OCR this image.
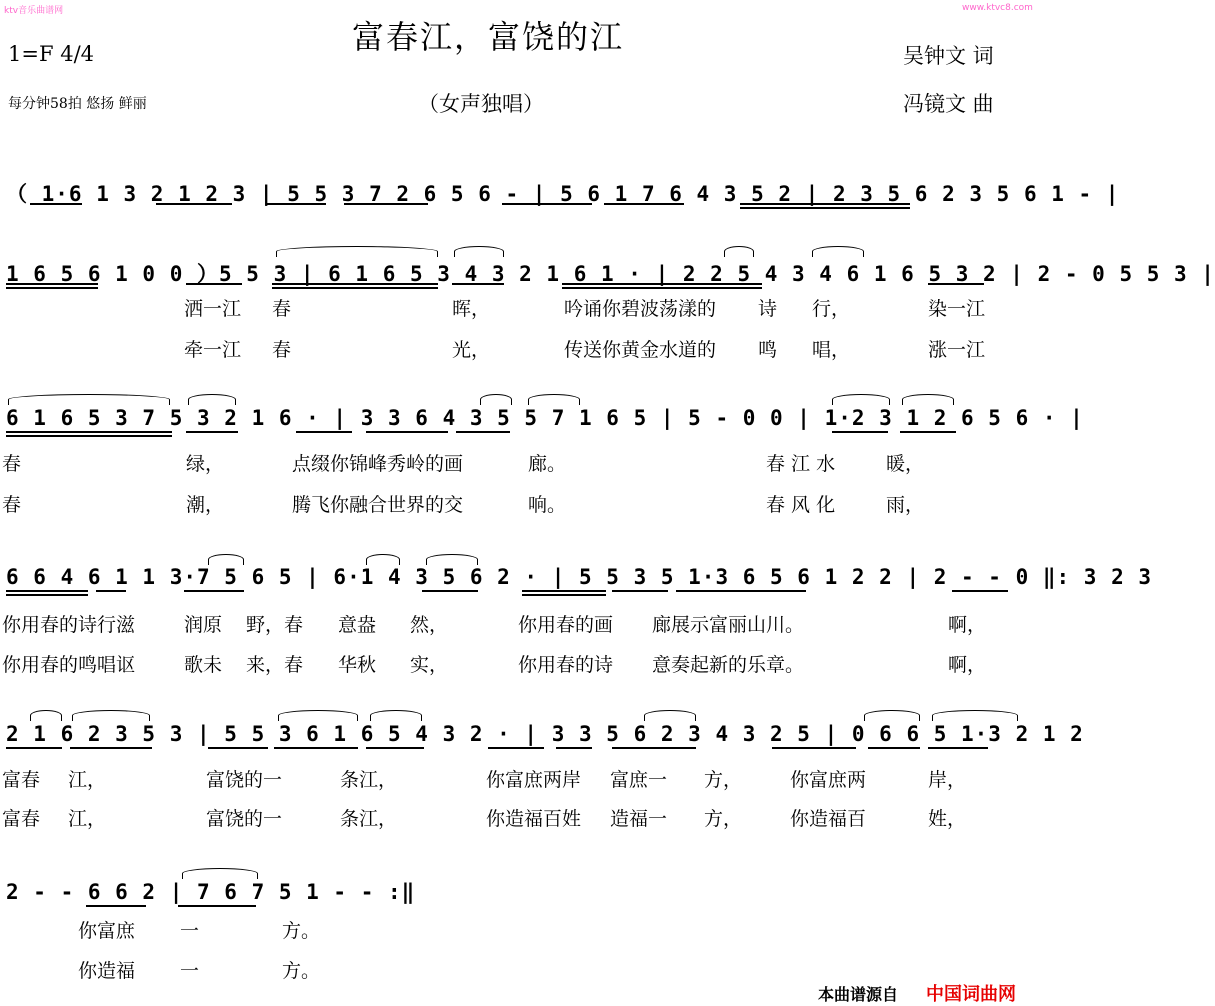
ktv音乐曲谱网	www.ktvc8.com
富春江，富饶的江
1=F 4/4	吴钟文 词
每分钟58拍 悠扬 鲜丽	（女声独唱）	冯镜文 曲
（ 1·6 1 3 2 1 2 3 | 5 5 3 7 2 6 5 6 - | 5 6 1 7 6 4 3 5 2 | 2 3 5 6 2 3 5 6 1 - |
1 6 5 6 1 0 0 ）5 5 3 | 6 1 6 5 3 4 3 2 1 6 1 · | 2 2 5 4 3 4 6 1 6 5 3 2 | 2 - 0 5 5 3 |
洒一江 春	晖，	吟诵你碧波荡漾的 诗 行，	染一江
牵一江 春	光，	传送你黄金水道的 鸣 唱，	涨一江
6 1 6 5 3 7 5 3 2 1 6 · | 3 3 6 4 3 5 5 7 1 6 5 | 5 - 0 0 | 1·2 3 1 2 6 5 6 · |
春	绿，	点缀你锦峰秀岭的画	廊。	春 江 水	暖，
春	潮，	腾飞你融合世界的交	响。	春 风 化	雨，
6 6 4 6 1 1 3·7 5 6 5 | 6·1 4 3 5 6 2 · | 5 5 3 5 1·3 6 5 6 1 2 2 | 2 - - 0 ‖: 3 2 3
你用春的诗行滋	润原 野，春 意盎 然，	你用春的画 廊展示富丽山川。	啊，
你用春的鸣唱讴	歌未 来，春 华秋 实，	你用春的诗 意奏起新的乐章。	啊，
2 1 6 2 3 5 3 | 5 5 3 6 1 6 5 4 3 2 · | 3 3 5 6 2 3 4 3 2 5 | 0 6 6 5 1·3 2 1 2
富春 江，	富饶的一	条江，	你富庶两岸 富庶一 方，	你富庶两	岸，
富春 江，	富饶的一	条江，	你造福百姓 造福一 方，	你造福百	姓，
2 - - 6 6 2 | 7 6 7 5 1 - - :‖
你富庶 一	方。
你造福 一	方。
本曲谱源自 中国词曲网
